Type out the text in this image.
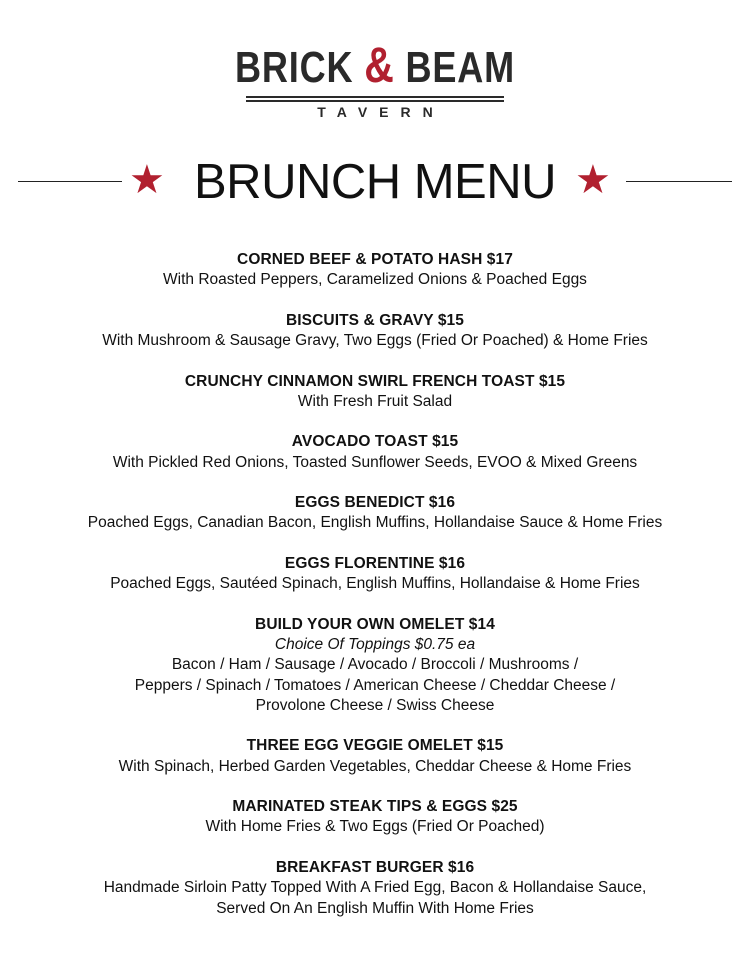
BRICK & BEAM
TAVERN
★ BRUNCH MENU ★
CORNED BEEF & POTATO HASH $17
With Roasted Peppers, Caramelized Onions & Poached Eggs
BISCUITS & GRAVY $15
With Mushroom & Sausage Gravy, Two Eggs (Fried Or Poached) & Home Fries
CRUNCHY CINNAMON SWIRL FRENCH TOAST $15
With Fresh Fruit Salad
AVOCADO TOAST $15
With Pickled Red Onions, Toasted Sunflower Seeds, EVOO & Mixed Greens
EGGS BENEDICT $16
Poached Eggs, Canadian Bacon, English Muffins, Hollandaise Sauce & Home Fries
EGGS FLORENTINE $16
Poached Eggs, Sautéed Spinach, English Muffins, Hollandaise & Home Fries
BUILD YOUR OWN OMELET $14
Choice Of Toppings $0.75 ea
Bacon / Ham / Sausage / Avocado / Broccoli / Mushrooms /
Peppers / Spinach / Tomatoes / American Cheese / Cheddar Cheese /
Provolone Cheese / Swiss Cheese
THREE EGG VEGGIE OMELET $15
With Spinach, Herbed Garden Vegetables, Cheddar Cheese & Home Fries
MARINATED STEAK TIPS & EGGS $25
With Home Fries & Two Eggs (Fried Or Poached)
BREAKFAST BURGER $16
Handmade Sirloin Patty Topped With A Fried Egg, Bacon & Hollandaise Sauce,
Served On An English Muffin With Home Fries
